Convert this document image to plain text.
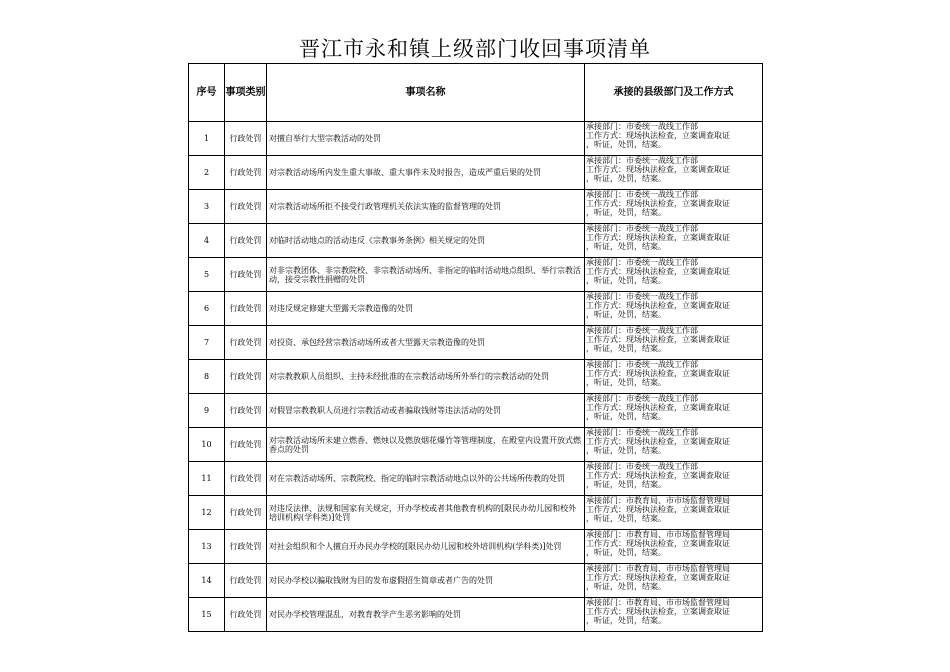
晋江市永和镇上级部门收回事项清单
序号	事项类别	事项名称	承接的县级部门及工作方式
1	行政处罚	对擅自举行大型宗教活动的处罚	承接部门：市委统一战线工作部
工作方式：现场执法检查，立案调查取证
，听证，处罚，结案。

2	行政处罚	对宗教活动场所内发生重大事故、重大事件未及时报告，造成严重后果的处罚	承接部门：市委统一战线工作部
工作方式：现场执法检查，立案调查取证
，听证，处罚，结案。

3	行政处罚	对宗教活动场所拒不接受行政管理机关依法实施的监督管理的处罚	承接部门：市委统一战线工作部
工作方式：现场执法检查，立案调查取证
，听证，处罚，结案。

4	行政处罚	对临时活动地点的活动违反《宗教事务条例》相关规定的处罚	承接部门：市委统一战线工作部
工作方式：现场执法检查，立案调查取证
，听证，处罚，结案。

5	行政处罚	对非宗教团体、非宗教院校、非宗教活动场所、非指定的临时活动地点组织、举行宗教活动，接受宗教性捐赠的处罚	承接部门：市委统一战线工作部
工作方式：现场执法检查，立案调查取证
，听证，处罚，结案。

6	行政处罚	对违反规定修建大型露天宗教造像的处罚	承接部门：市委统一战线工作部
工作方式：现场执法检查，立案调查取证
，听证，处罚，结案。

7	行政处罚	对投资、承包经营宗教活动场所或者大型露天宗教造像的处罚	承接部门：市委统一战线工作部
工作方式：现场执法检查，立案调查取证
，听证，处罚，结案。

8	行政处罚	对宗教教职人员组织、主持未经批准的在宗教活动场所外举行的宗教活动的处罚	承接部门：市委统一战线工作部
工作方式：现场执法检查，立案调查取证
，听证，处罚，结案。

9	行政处罚	对假冒宗教教职人员进行宗教活动或者骗取钱财等违法活动的处罚	承接部门：市委统一战线工作部
工作方式：现场执法检查，立案调查取证
，听证，处罚，结案。

10	行政处罚	对宗教活动场所未建立燃香、燃烛以及燃放烟花爆竹等管理制度，在殿堂内设置开放式燃香点的处罚	承接部门：市委统一战线工作部
工作方式：现场执法检查，立案调查取证
，听证，处罚，结案。

11	行政处罚	对在宗教活动场所、宗教院校、指定的临时宗教活动地点以外的公共场所传教的处罚	承接部门：市委统一战线工作部
工作方式：现场执法检查，立案调查取证
，听证，处罚，结案。

12	行政处罚	对违反法律、法规和国家有关规定，开办学校或者其他教育机构的[限民办幼儿园和校外培训机构(学科类)]处罚	承接部门：市教育局、市市场监督管理局
工作方式：现场执法检查，立案调查取证
，听证，处罚，结案。

13	行政处罚	对社会组织和个人擅自开办民办学校的[限民办幼儿园和校外培训机构(学科类)]处罚	承接部门：市教育局、市市场监督管理局
工作方式：现场执法检查，立案调查取证
，听证，处罚，结案。

14	行政处罚	对民办学校以骗取钱财为目的发布虚假招生简章或者广告的处罚	承接部门：市教育局、市市场监督管理局
工作方式：现场执法检查，立案调查取证
，听证，处罚，结案。

15	行政处罚	对民办学校管理混乱，对教育教学产生恶劣影响的处罚	承接部门：市教育局、市市场监督管理局
工作方式：现场执法检查，立案调查取证
，听证，处罚，结案。
